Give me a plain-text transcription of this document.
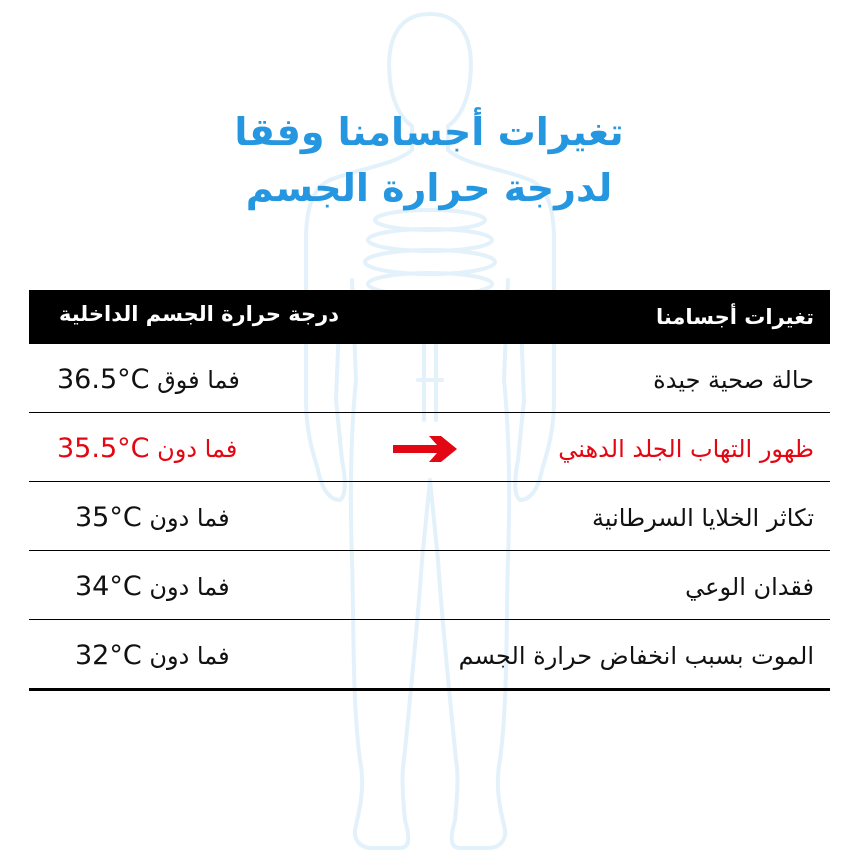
تغيرات أجسامنا وفقا
لدرجة حرارة الجسم
تغيرات أجسامنا
درجة حرارة الجسم الداخلية
حالة صحية جيدة
فما فوق 36.5°C
ظهور التهاب الجلد الدهني
فما دون 35.5°C
تكاثر الخلايا السرطانية
فما دون 35°C
فقدان الوعي
فما دون 34°C
الموت بسبب انخفاض حرارة الجسم
فما دون 32°C
